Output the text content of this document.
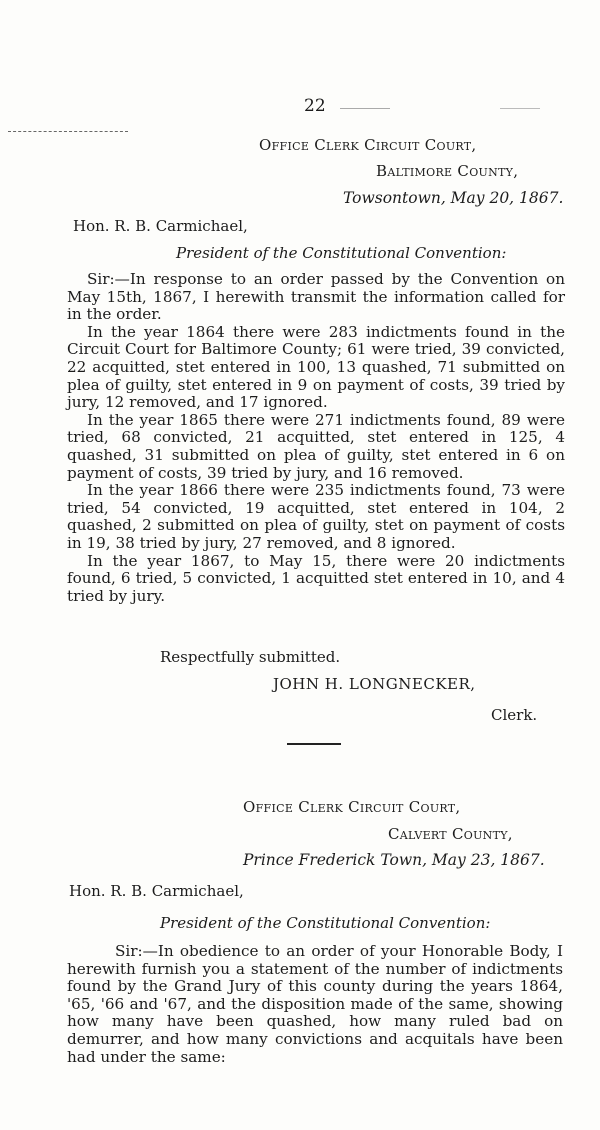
22
Office Clerk Circuit Court,
Baltimore County,
Towsontown, May 20, 1867.
Hon. R. B. Carmichael,
President of the Constitutional Convention:

Sir:—In response to an order passed by the Convention on May 15th, 1867, I herewith transmit the information called for in the order.

In the year 1864 there were 283 indictments found in the Circuit Court for Baltimore County; 61 were tried, 39 convicted, 22 acquitted, stet entered in 100, 13 quashed, 71 submitted on plea of guilty, stet entered in 9 on payment of costs, 39 tried by jury, 12 removed, and 17 ignored.

In the year 1865 there were 271 indictments found, 89 were tried, 68 convicted, 21 acquitted, stet entered in 125, 4 quashed, 31 submitted on plea of guilty, stet entered in 6 on payment of costs, 39 tried by jury, and 16 removed.

In the year 1866 there were 235 indictments found, 73 were tried, 54 convicted, 19 acquitted, stet entered in 104, 2 quashed, 2 submitted on plea of guilty, stet on payment of costs in 19, 38 tried by jury, 27 removed, and 8 ignored.

In the year 1867, to May 15, there were 20 indictments found, 6 tried, 5 convicted, 1 acquitted stet entered in 10, and 4 tried by jury.

Respectfully submitted.
JOHN H. LONGNECKER,
Clerk.
Office Clerk Circuit Court,
Calvert County,
Prince Frederick Town, May 23, 1867.
Hon. R. B. Carmichael,
President of the Constitutional Convention:

Sir:—In obedience to an order of your Honorable Body, I herewith furnish you a statement of the number of indictments found by the Grand Jury of this county during the years 1864, '65, '66 and '67, and the disposition made of the same, showing how many have been quashed, how many ruled bad on demurrer, and how many convictions and acquitals have been had under the same:
